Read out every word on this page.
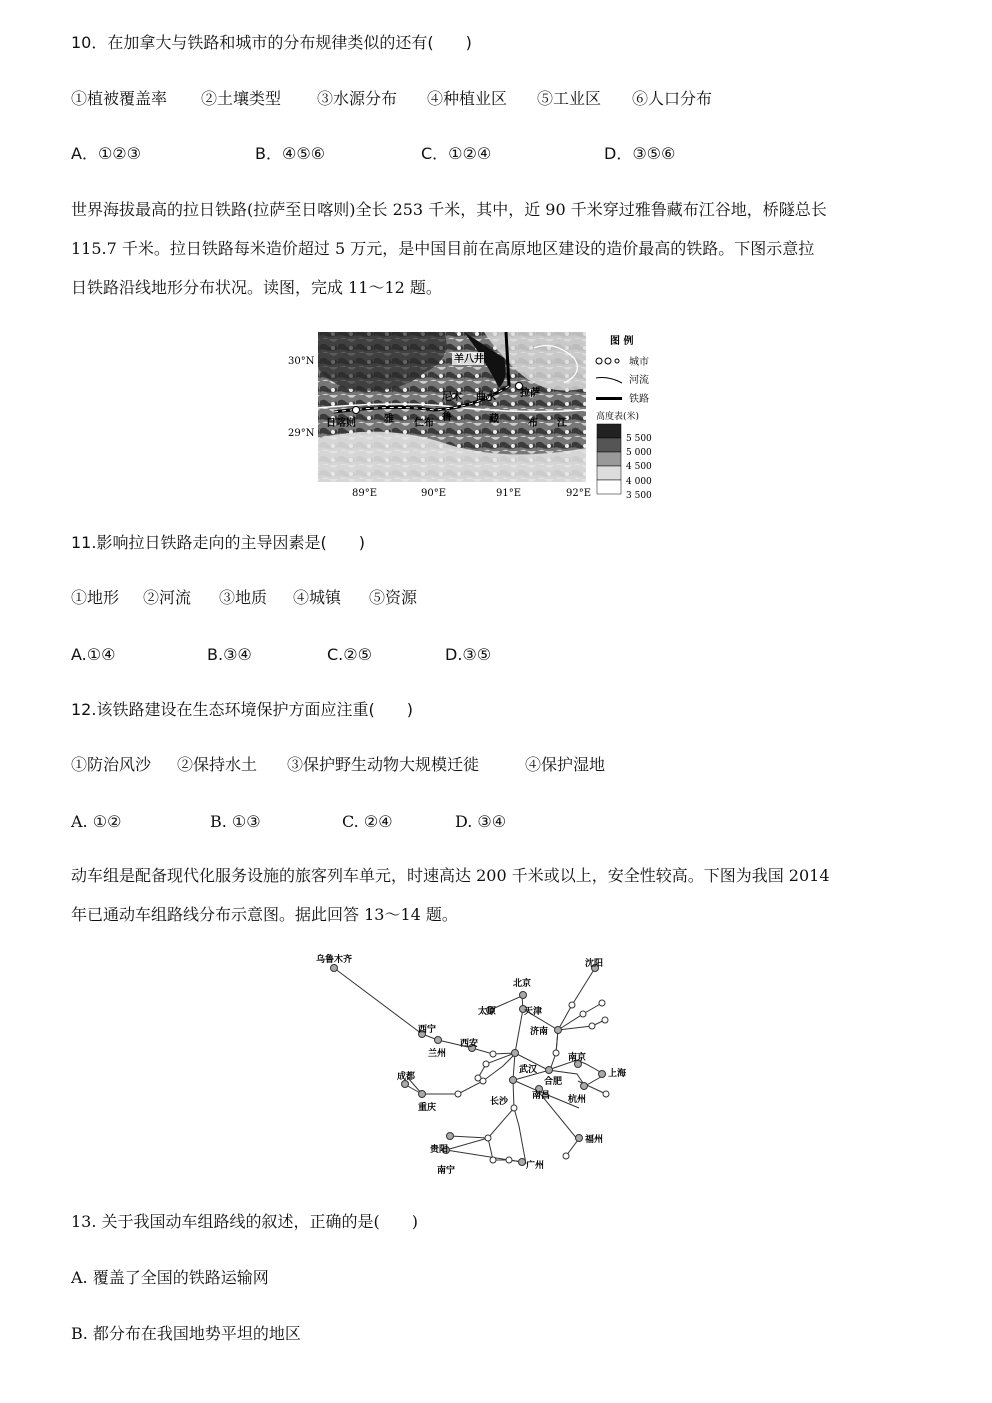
10．在加拿大与铁路和城市的分布规律类似的还有(　　)
①植被覆盖率 ②土壤类型 ③水源分布 ④种植业区 ⑤工业区 ⑥人口分布
A．①②③	B．④⑤⑥	C．①②④	D．③⑤⑥
世界海拔最高的拉日铁路(拉萨至日喀则)全长 253 千米，其中，近 90 千米穿过雅鲁藏布江谷地，桥隧总长
115.7 千米。拉日铁路每米造价超过 5 万元，是中国目前在高原地区建设的造价最高的铁路。下图示意拉
日铁路沿线地形分布状况。读图，完成 11～12 题。
30°N
29°N
89°E	90°E	91°E	92°E
羊八井
尼木 曲水 拉萨
日喀则	仁布
雅	鲁	藏	布 江
图 例
城市
河流
铁路
高度表(米)
5 500
5 000
4 500
4 000
3 500
11.影响拉日铁路走向的主导因素是(　　)
①地形 ②河流 ③地质 ④城镇 ⑤资源
A.①④	B.③④	C.②⑤	D.③⑤
12.该铁路建设在生态环境保护方面应注重(　　)
①防治风沙 ②保持水土 ③保护野生动物大规模迁徙	④保护湿地
A. ①②	B. ①③	C. ②④	D. ③④
动车组是配备现代化服务设施的旅客列车单元，时速高达 200 千米或以上，安全性较高。下图为我国 2014
年已通动车组路线分布示意图。据此回答 13～14 题。
乌鲁木齐	沈阳
北京
太原	天津
济南
西宁
兰州
西安
南京
武汉
合肥
上海
成都
重庆
南昌
长沙	杭州
福州
贵阳
广州
南宁
13. 关于我国动车组路线的叙述，正确的是(　　)
A. 覆盖了全国的铁路运输网
B. 都分布在我国地势平坦的地区
